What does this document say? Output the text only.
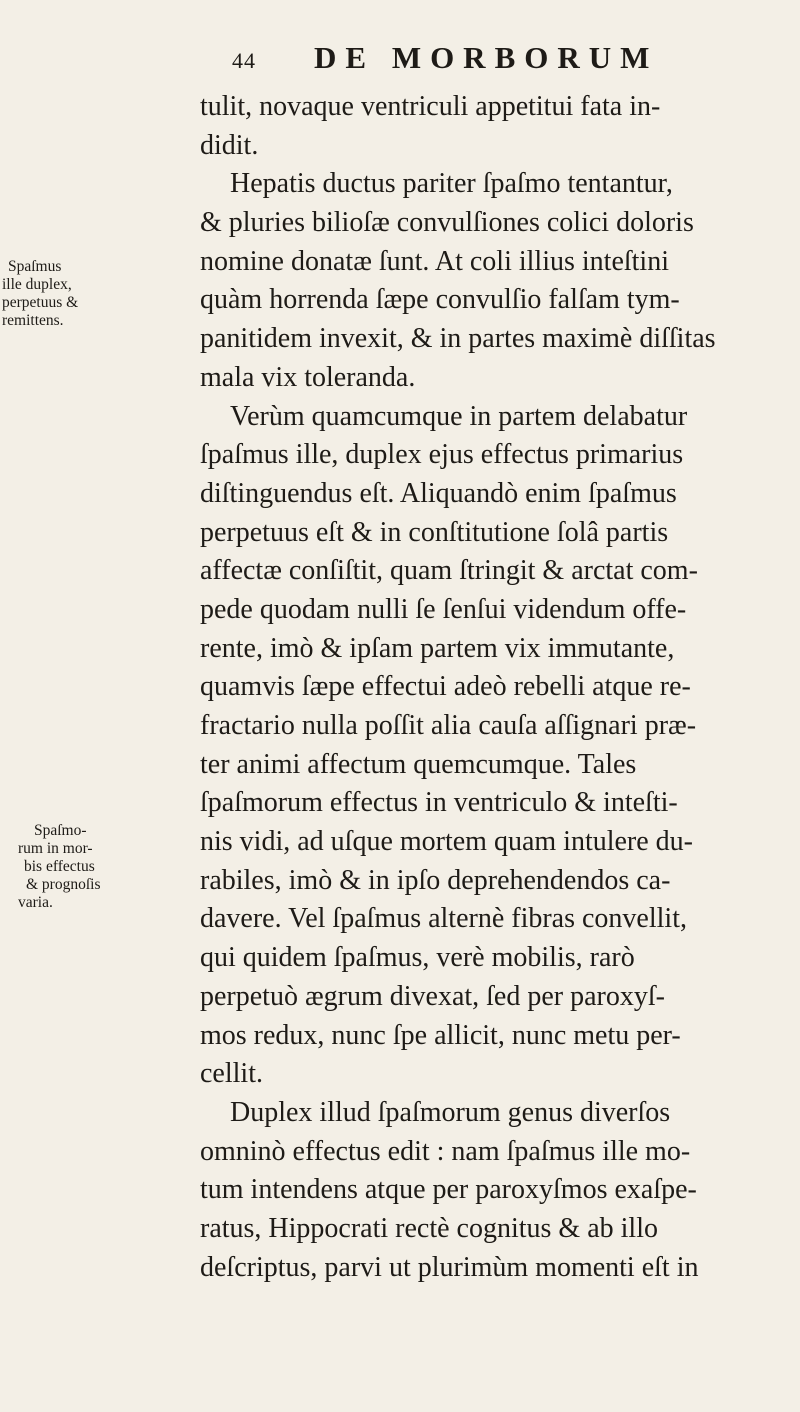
44 DE MORBORUM
Spaſmus
ille duplex,
perpetuus &
remittens.
Spaſmo-
rum in mor-
bis effectus
& prognoſis
varia.
tulit, novaque ventriculi appetitui fata in-
didit.
Hepatis ductus pariter ſpaſmo tentantur,
& pluries bilioſæ convulſiones colici doloris
nomine donatæ ſunt. At coli illius inteſtini
quàm horrenda ſæpe convulſio falſam tym-
panitidem invexit, & in partes maximè diſſitas
mala vix toleranda.
Verùm quamcumque in partem delabatur
ſpaſmus ille, duplex ejus effectus primarius
diſtinguendus eſt. Aliquandò enim ſpaſmus
perpetuus eſt & in conſtitutione ſolâ partis
affectæ conſiſtit, quam ſtringit & arctat com-
pede quodam nulli ſe ſenſui videndum offe-
rente, imò & ipſam partem vix immutante,
quamvis ſæpe effectui adeò rebelli atque re-
fractario nulla poſſit alia cauſa aſſignari præ-
ter animi affectum quemcumque. Tales
ſpaſmorum effectus in ventriculo & inteſti-
nis vidi, ad uſque mortem quam intulere du-
rabiles, imò & in ipſo deprehendendos ca-
davere. Vel ſpaſmus alternè fibras convellit,
qui quidem ſpaſmus, verè mobilis, rarò
perpetuò ægrum divexat, ſed per paroxyſ-
mos redux, nunc ſpe allicit, nunc metu per-
cellit.
Duplex illud ſpaſmorum genus diverſos
omninò effectus edit : nam ſpaſmus ille mo-
tum intendens atque per paroxyſmos exaſpe-
ratus, Hippocrati rectè cognitus & ab illo
deſcriptus, parvi ut plurimùm momenti eſt in
